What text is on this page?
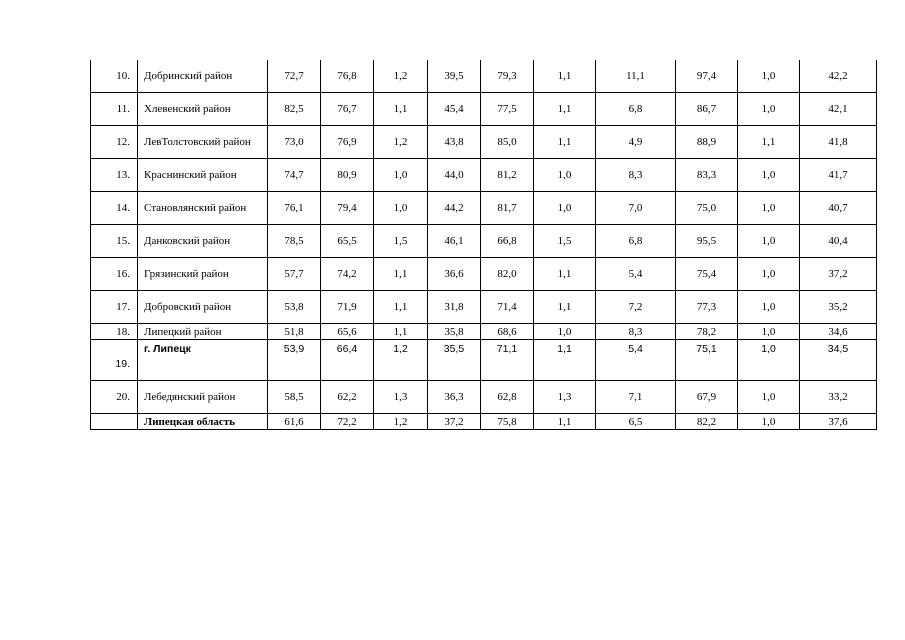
10.	Добринский район	72,7	76,8	1,2	39,5	79,3	1,1	11,1	97,4	1,0	42,2
11.	Хлевенский район	82,5	76,7	1,1	45,4	77,5	1,1	6,8	86,7	1,0	42,1
12.	ЛевТолстовский район	73,0	76,9	1,2	43,8	85,0	1,1	4,9	88,9	1,1	41,8
13.	Краснинский район	74,7	80,9	1,0	44,0	81,2	1,0	8,3	83,3	1,0	41,7
14.	Становлянский район	76,1	79,4	1,0	44,2	81,7	1,0	7,0	75,0	1,0	40,7
15.	Данковский район	78,5	65,5	1,5	46,1	66,8	1,5	6,8	95,5	1,0	40,4
16.	Грязинский район	57,7	74,2	1,1	36,6	82,0	1,1	5,4	75,4	1,0	37,2
17.	Добровский район	53,8	71,9	1,1	31,8	71,4	1,1	7,2	77,3	1,0	35,2
18.	Липецкий район	51,8	65,6	1,1	35,8	68,6	1,0	8,3	78,2	1,0	34,6
19.	г. Липецк	53,9	66,4	1,2	35,5	71,1	1,1	5,4	75,1	1,0	34,5
20.	Лебедянский район	58,5	62,2	1,3	36,3	62,8	1,3	7,1	67,9	1,0	33,2
	Липецкая область	61,6	72,2	1,2	37,2	75,8	1,1	6,5	82,2	1,0	37,6
